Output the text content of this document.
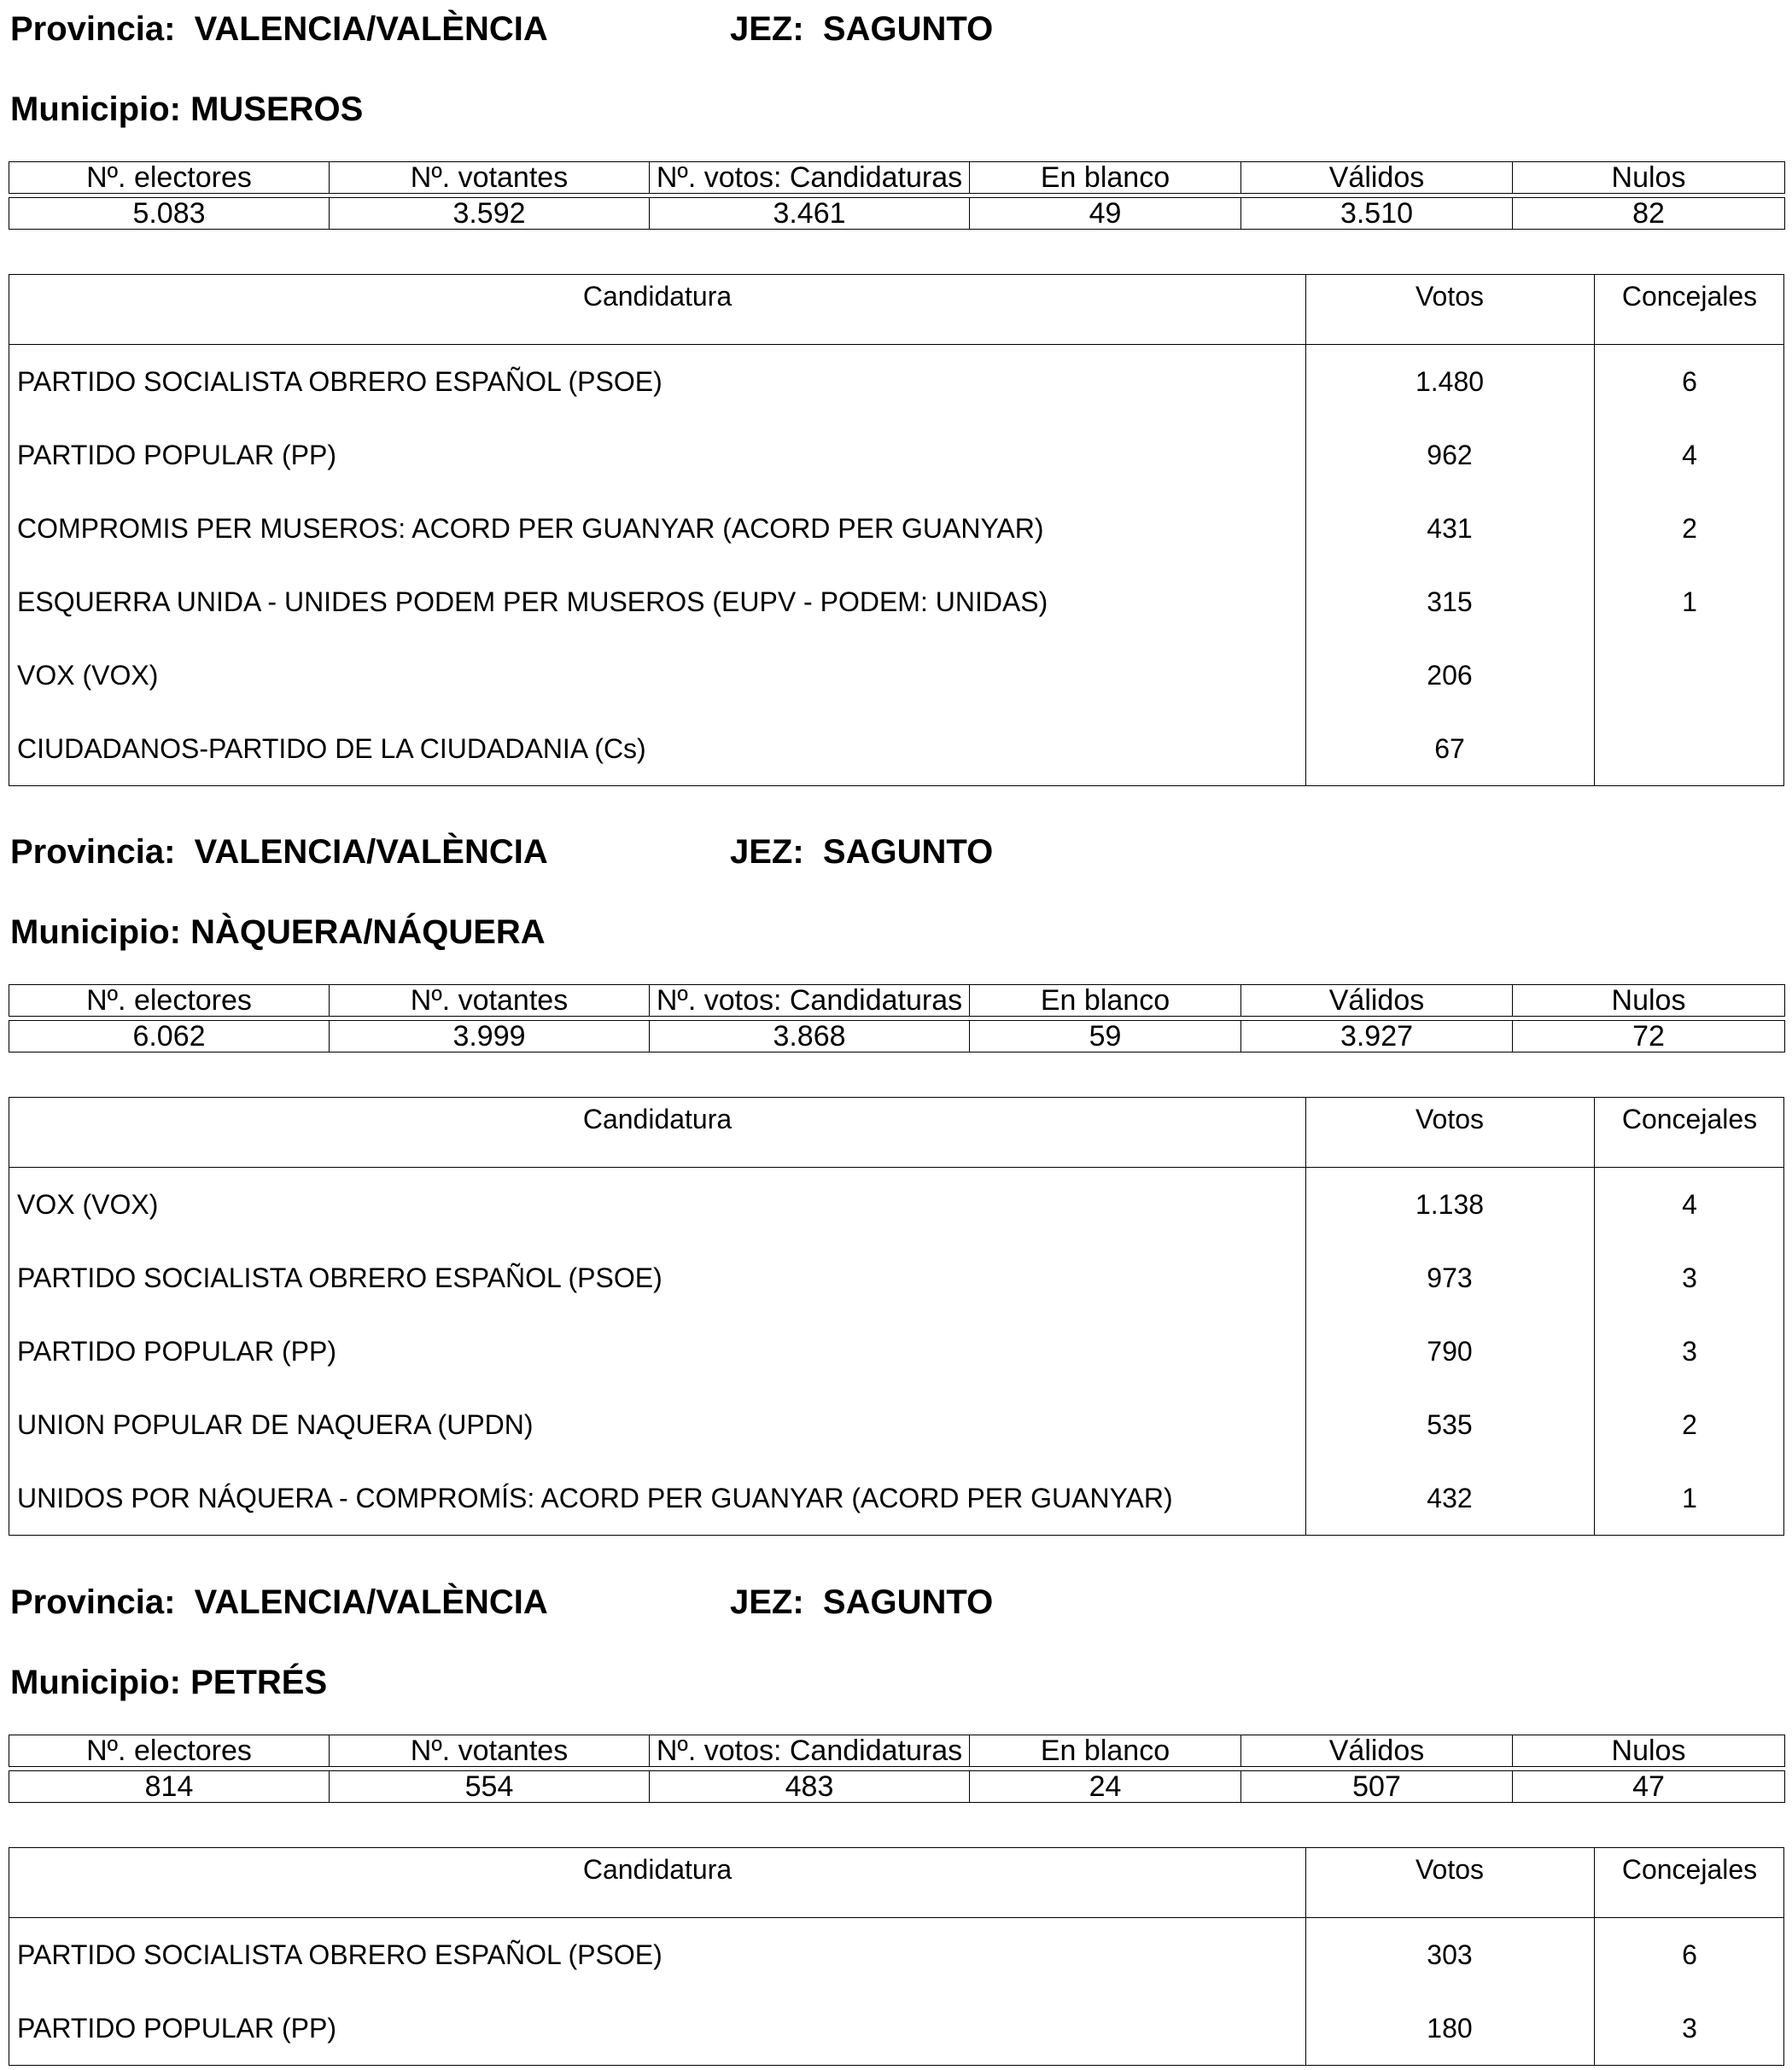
Provincia: VALENCIA/VALÈNCIA	JEZ: SAGUNTO
Municipio: MUSEROS
Nº. electores	Nº. votantes	Nº. votos: Candidaturas	En blanco	Válidos	Nulos

5.083	3.592	3.461	49	3.510	82
Candidatura	Votos	Concejales
PARTIDO SOCIALISTA OBRERO ESPAÑOL (PSOE)	1.480	6
PARTIDO POPULAR (PP)	962	4
COMPROMIS PER MUSEROS: ACORD PER GUANYAR (ACORD PER GUANYAR)	431	2
ESQUERRA UNIDA - UNIDES PODEM PER MUSEROS (EUPV - PODEM: UNIDAS)	315	1
VOX (VOX)	206
CIUDADANOS-PARTIDO DE LA CIUDADANIA (Cs)	67
Provincia: VALENCIA/VALÈNCIA	JEZ: SAGUNTO
Municipio: NÀQUERA/NÁQUERA
Nº. electores	Nº. votantes	Nº. votos: Candidaturas	En blanco	Válidos	Nulos

6.062	3.999	3.868	59	3.927	72
Candidatura	Votos	Concejales
VOX (VOX)	1.138	4
PARTIDO SOCIALISTA OBRERO ESPAÑOL (PSOE)	973	3
PARTIDO POPULAR (PP)	790	3
UNION POPULAR DE NAQUERA (UPDN)	535	2
UNIDOS POR NÁQUERA - COMPROMÍS: ACORD PER GUANYAR (ACORD PER GUANYAR)	432	1
Provincia: VALENCIA/VALÈNCIA	JEZ: SAGUNTO
Municipio: PETRÉS
Nº. electores	Nº. votantes	Nº. votos: Candidaturas	En blanco	Válidos	Nulos

814	554	483	24	507	47
Candidatura	Votos	Concejales
PARTIDO SOCIALISTA OBRERO ESPAÑOL (PSOE)	303	6
PARTIDO POPULAR (PP)	180	3
